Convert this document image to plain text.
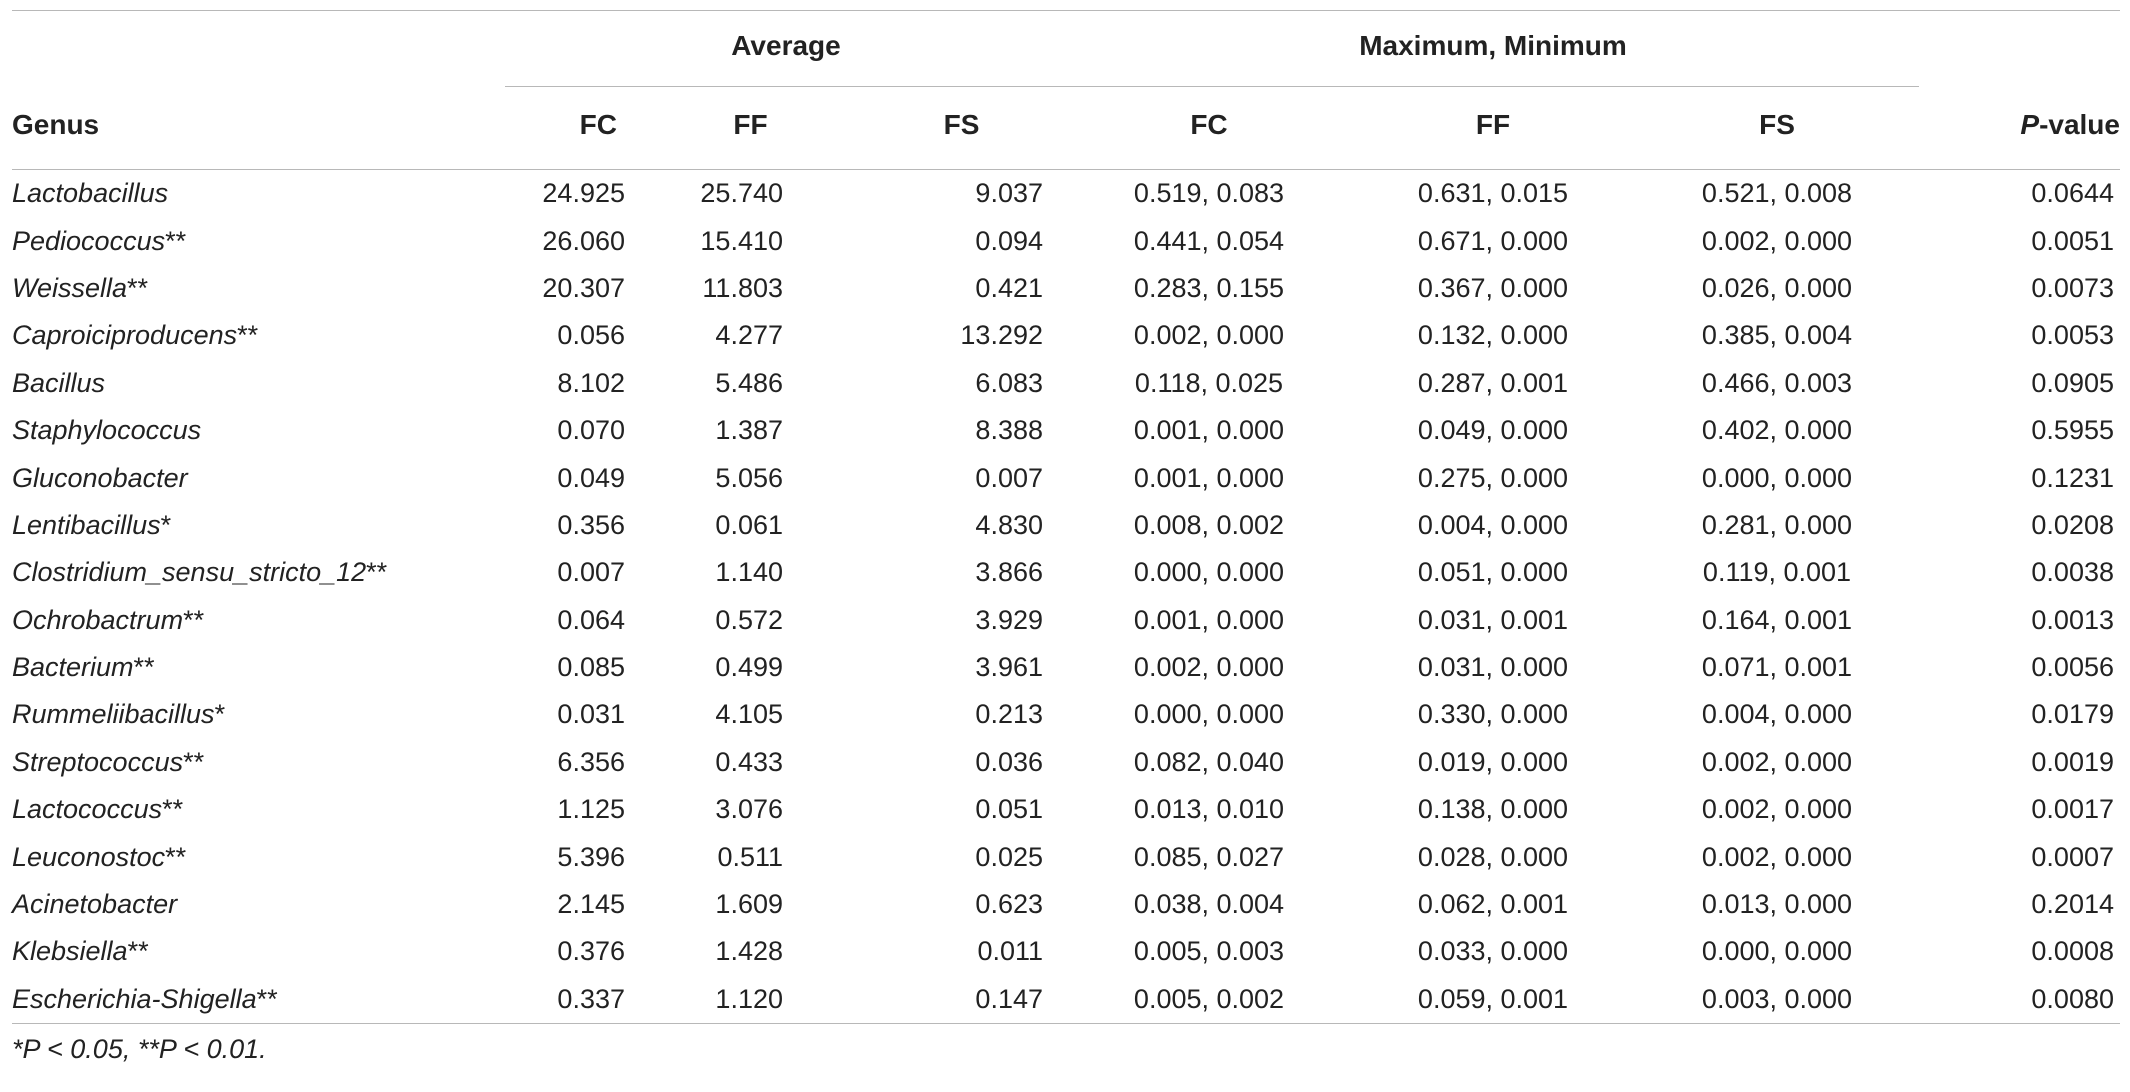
	Average			Maximum, Minimum		

Genus	FC	FF	FS	FC	FF	FS	P-value

Lactobacillus	24.925	25.740	9.037	0.519, 0.083	0.631, 0.015	0.521, 0.008	0.0644
Pediococcus**	26.060	15.410	0.094	0.441, 0.054	0.671, 0.000	0.002, 0.000	0.0051
Weissella**	20.307	11.803	0.421	0.283, 0.155	0.367, 0.000	0.026, 0.000	0.0073
Caproiciproducens**	0.056	4.277	13.292	0.002, 0.000	0.132, 0.000	0.385, 0.004	0.0053
Bacillus	8.102	5.486	6.083	0.118, 0.025	0.287, 0.001	0.466, 0.003	0.0905
Staphylococcus	0.070	1.387	8.388	0.001, 0.000	0.049, 0.000	0.402, 0.000	0.5955
Gluconobacter	0.049	5.056	0.007	0.001, 0.000	0.275, 0.000	0.000, 0.000	0.1231
Lentibacillus*	0.356	0.061	4.830	0.008, 0.002	0.004, 0.000	0.281, 0.000	0.0208
Clostridium_sensu_stricto_12**	0.007	1.140	3.866	0.000, 0.000	0.051, 0.000	0.119, 0.001	0.0038
Ochrobactrum**	0.064	0.572	3.929	0.001, 0.000	0.031, 0.001	0.164, 0.001	0.0013
Bacterium**	0.085	0.499	3.961	0.002, 0.000	0.031, 0.000	0.071, 0.001	0.0056
Rummeliibacillus*	0.031	4.105	0.213	0.000, 0.000	0.330, 0.000	0.004, 0.000	0.0179
Streptococcus**	6.356	0.433	0.036	0.082, 0.040	0.019, 0.000	0.002, 0.000	0.0019
Lactococcus**	1.125	3.076	0.051	0.013, 0.010	0.138, 0.000	0.002, 0.000	0.0017
Leuconostoc**	5.396	0.511	0.025	0.085, 0.027	0.028, 0.000	0.002, 0.000	0.0007
Acinetobacter	2.145	1.609	0.623	0.038, 0.004	0.062, 0.001	0.013, 0.000	0.2014
Klebsiella**	0.376	1.428	0.011	0.005, 0.003	0.033, 0.000	0.000, 0.000	0.0008
Escherichia-Shigella**	0.337	1.120	0.147	0.005, 0.002	0.059, 0.001	0.003, 0.000	0.0080

*P < 0.05, **P < 0.01.
